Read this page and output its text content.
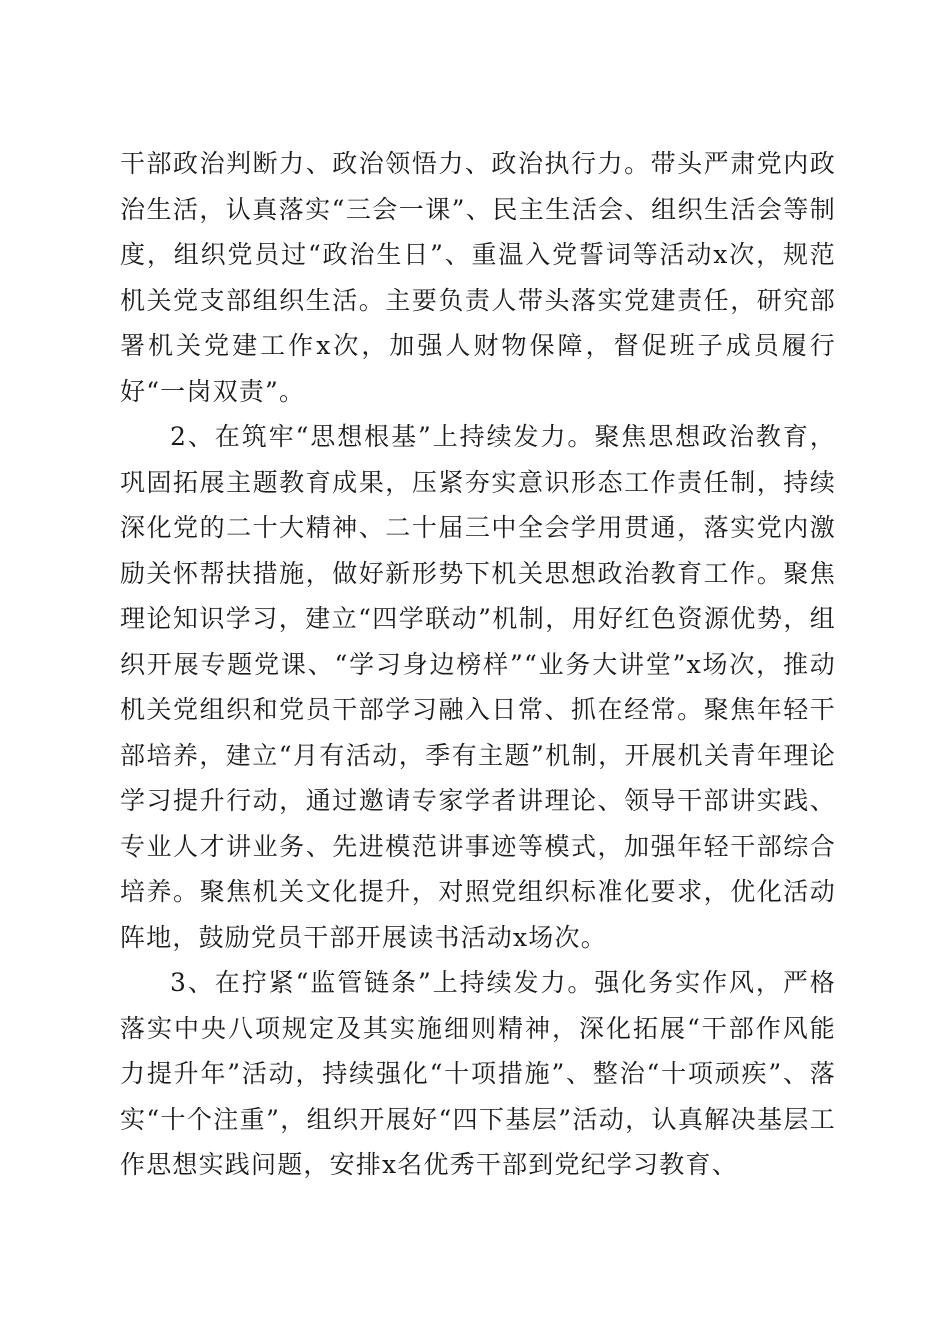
干部政治判断力、政治领悟力、政治执行力。带头严肃党内政治生活，认真落实“三会一课”、民主生活会、组织生活会等制度，组织党员过“政治生日”、重温入党誓词等活动x次，规范机关党支部组织生活。主要负责人带头落实党建责任，研究部署机关党建工作x次，加强人财物保障，督促班子成员履行好“一岗双责”。

2、在筑牢“思想根基”上持续发力。聚焦思想政治教育，巩固拓展主题教育成果，压紧夯实意识形态工作责任制，持续深化党的二十大精神、二十届三中全会学用贯通，落实党内激励关怀帮扶措施，做好新形势下机关思想政治教育工作。聚焦理论知识学习，建立“四学联动”机制，用好红色资源优势，组织开展专题党课、“学习身边榜样”“业务大讲堂”x场次，推动机关党组织和党员干部学习融入日常、抓在经常。聚焦年轻干部培养，建立“月有活动，季有主题”机制，开展机关青年理论学习提升行动，通过邀请专家学者讲理论、领导干部讲实践、专业人才讲业务、先进模范讲事迹等模式，加强年轻干部综合培养。聚焦机关文化提升，对照党组织标准化要求，优化活动阵地，鼓励党员干部开展读书活动x场次。

3、在拧紧“监管链条”上持续发力。强化务实作风，严格落实中央八项规定及其实施细则精神，深化拓展“干部作风能力提升年”活动，持续强化“十项措施”、整治“十项顽疾”、落实“十个注重”，组织开展好“四下基层”活动，认真解决基层工作思想实践问题，安排x名优秀干部到党纪学习教育、
